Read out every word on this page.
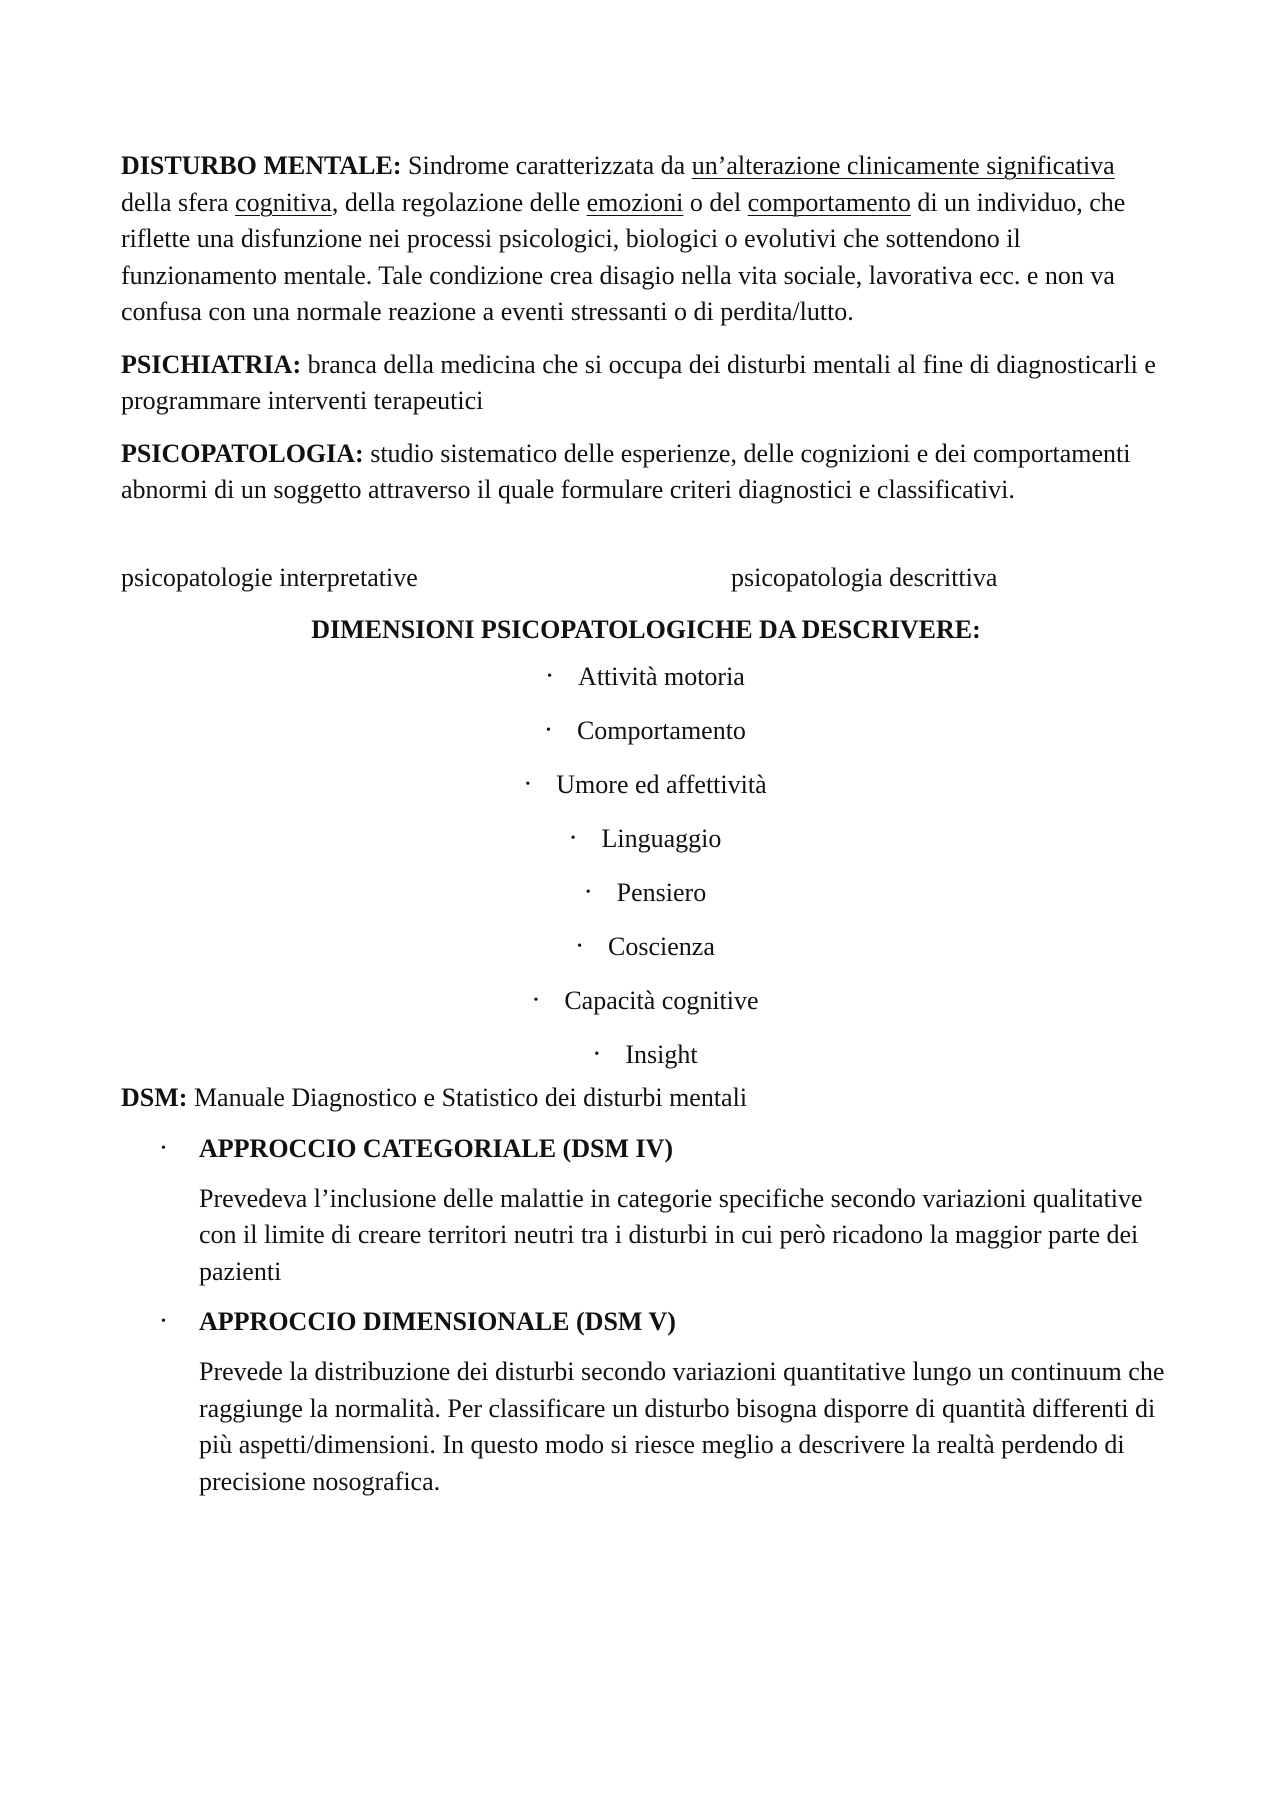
DISTURBO MENTALE: Sindrome caratterizzata da un’alterazione clinicamente significativa della sfera cognitiva, della regolazione delle emozioni o del comportamento di un individuo, che riflette una disfunzione nei processi psicologici, biologici o evolutivi che sottendono il funzionamento mentale. Tale condizione crea disagio nella vita sociale, lavorativa ecc. e non va confusa con una normale reazione a eventi stressanti o di perdita/lutto.

PSICHIATRIA: branca della medicina che si occupa dei disturbi mentali al fine di diagnosticarli e programmare interventi terapeutici

PSICOPATOLOGIA: studio sistematico delle esperienze, delle cognizioni e dei comportamenti abnormi di un soggetto attraverso il quale formulare criteri diagnostici e classificativi.

psicopatologie interpretative	psicopatologia descrittiva
DIMENSIONI PSICOPATOLOGICHE DA DESCRIVERE:
• Attività motoria
• Comportamento
• Umore ed affettività
• Linguaggio
• Pensiero
• Coscienza
• Capacità cognitive
• Insight
DSM: Manuale Diagnostico e Statistico dei disturbi mentali
•	APPROCCIO CATEGORIALE (DSM IV)
Prevedeva l’inclusione delle malattie in categorie specifiche secondo variazioni qualitative con il limite di creare territori neutri tra i disturbi in cui però ricadono la maggior parte dei pazienti
•	APPROCCIO DIMENSIONALE (DSM V)
Prevede la distribuzione dei disturbi secondo variazioni quantitative lungo un continuum che raggiunge la normalità. Per classificare un disturbo bisogna disporre di quantità differenti di più aspetti/dimensioni. In questo modo si riesce meglio a descrivere la realtà perdendo di precisione nosografica.
